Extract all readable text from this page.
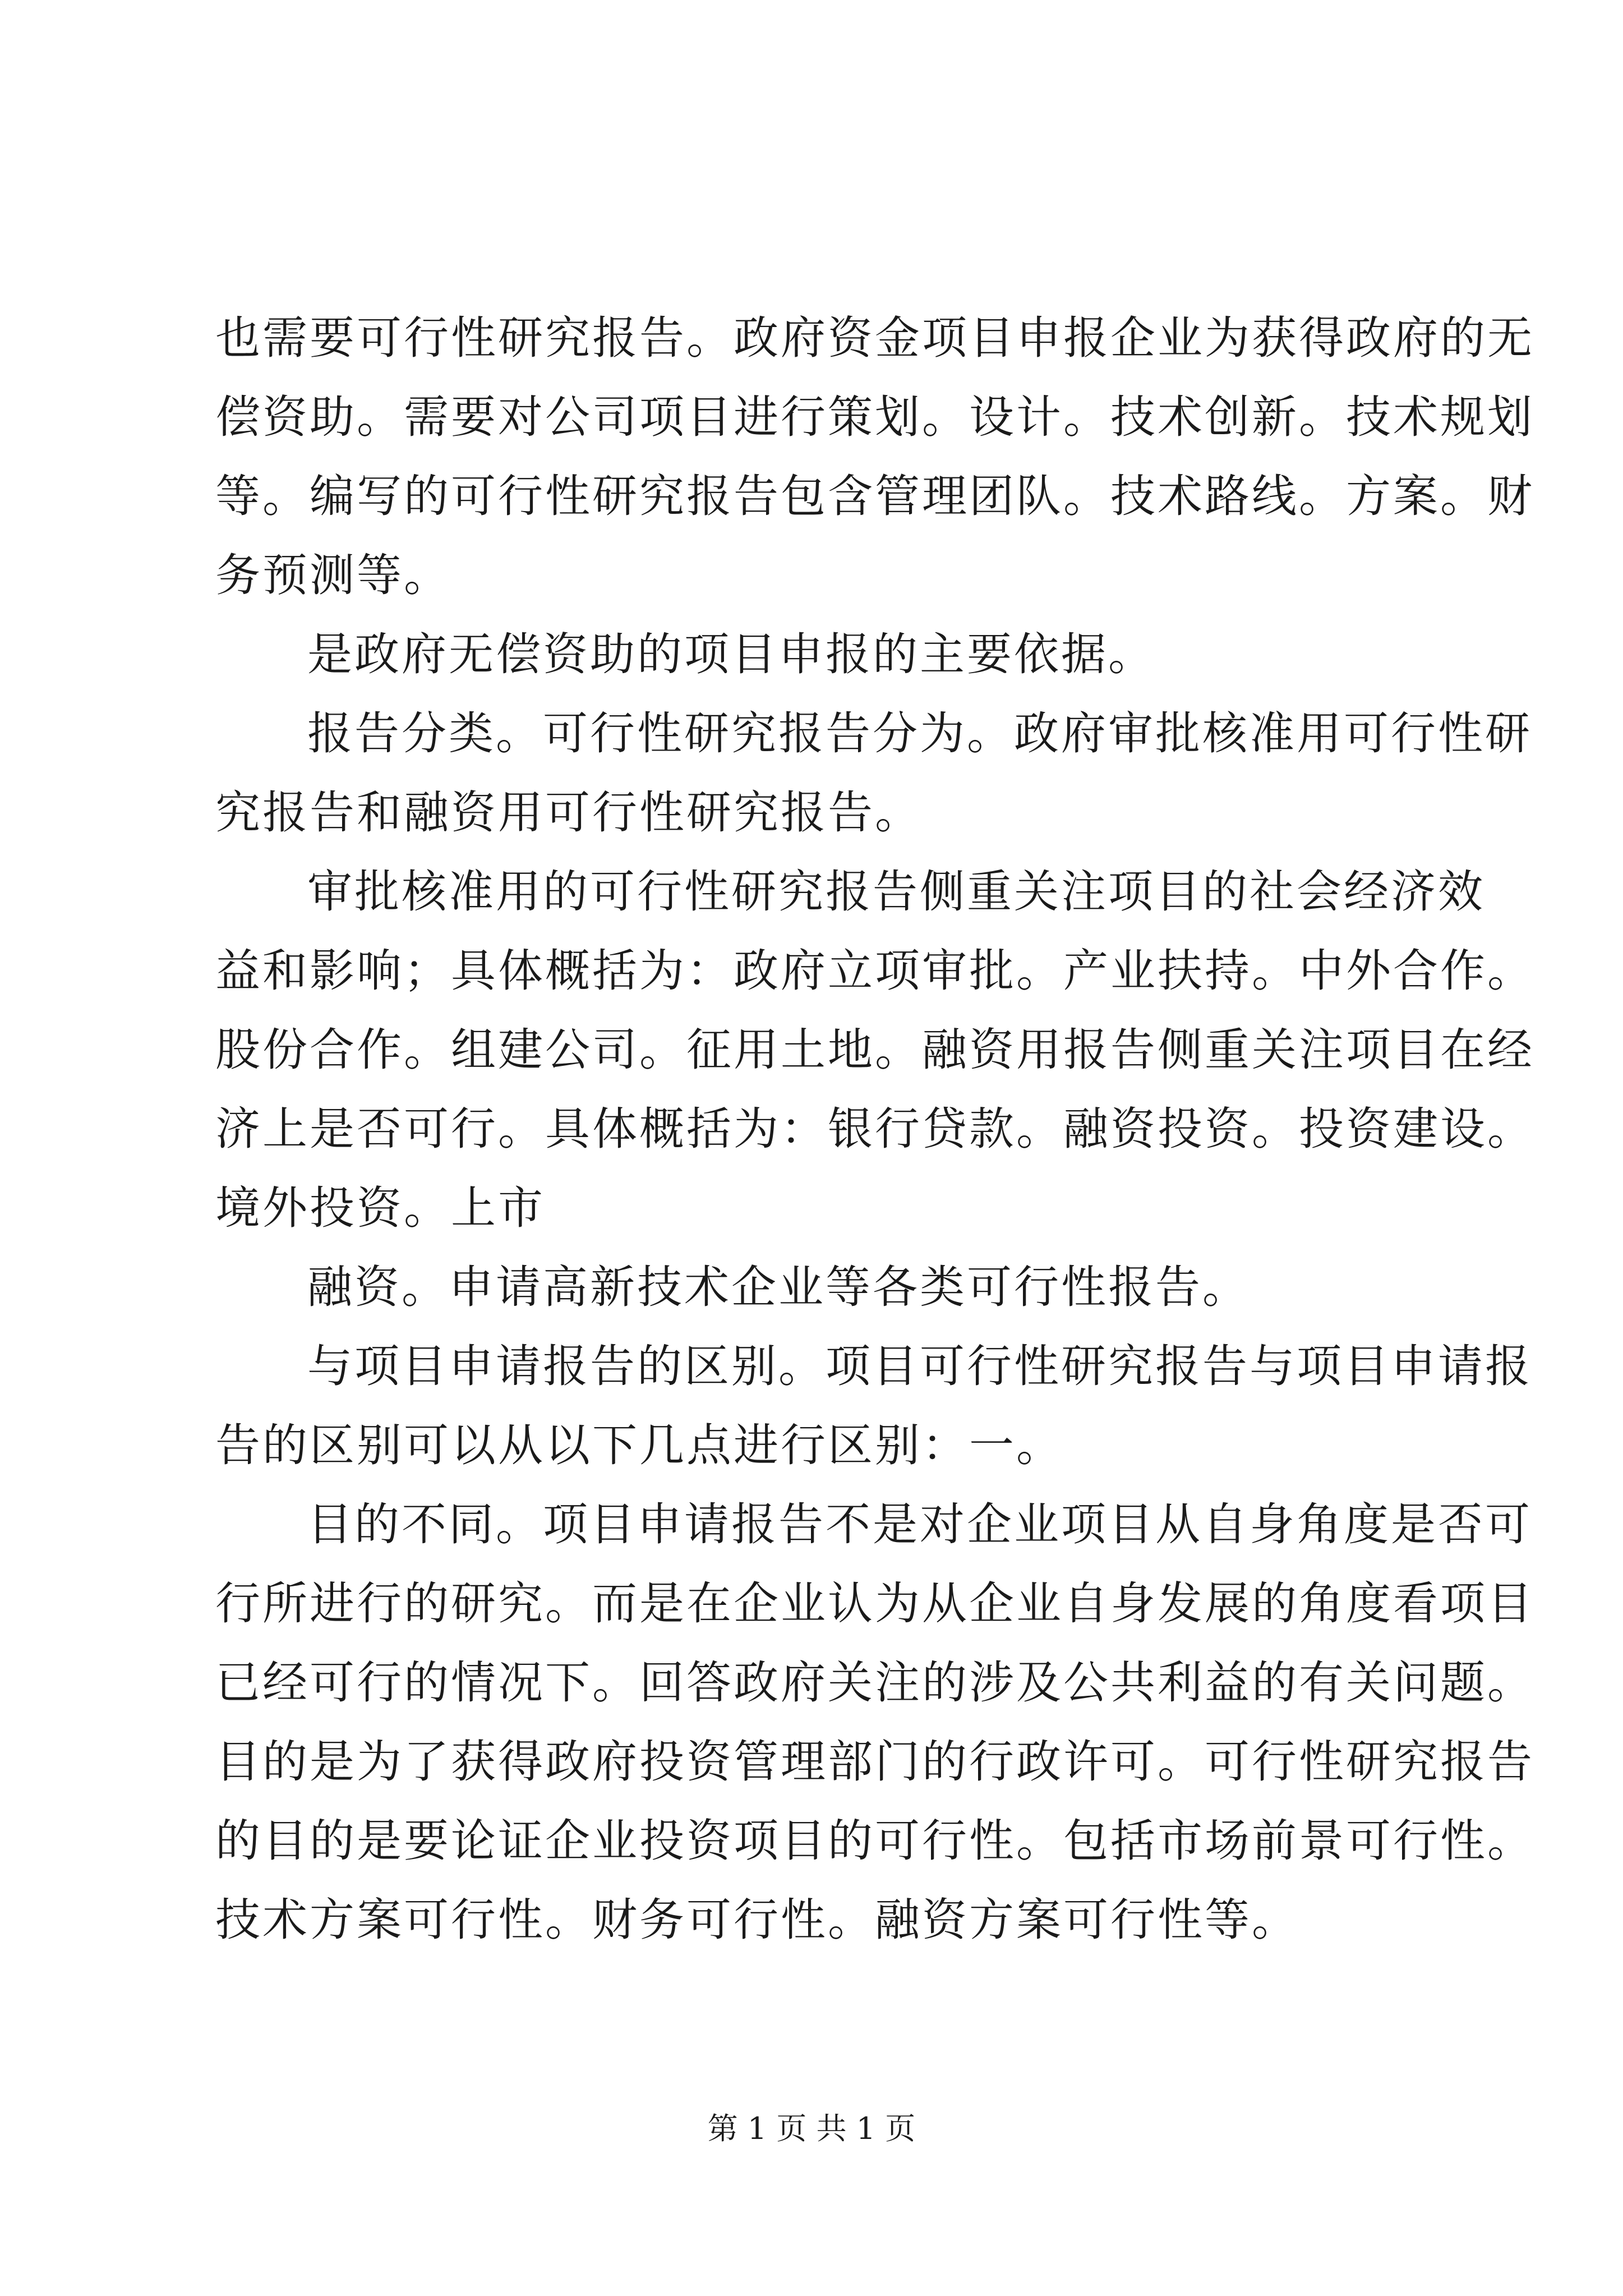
也需要可行性研究报告。政府资金项目申报企业为获得政府的无
偿资助。需要对公司项目进行策划。设计。技术创新。技术规划
等。编写的可行性研究报告包含管理团队。技术路线。方案。财
务预测等。
是政府无偿资助的项目申报的主要依据。
报告分类。可行性研究报告分为。政府审批核准用可行性研
究报告和融资用可行性研究报告。
审批核准用的可行性研究报告侧重关注项目的社会经济效
益和影响；具体概括为：政府立项审批。产业扶持。中外合作。
股份合作。组建公司。征用土地。融资用报告侧重关注项目在经
济上是否可行。具体概括为：银行贷款。融资投资。投资建设。
境外投资。上市
融资。申请高新技术企业等各类可行性报告。
与项目申请报告的区别。项目可行性研究报告与项目申请报
告的区别可以从以下几点进行区别：一。
目的不同。项目申请报告不是对企业项目从自身角度是否可
行所进行的研究。而是在企业认为从企业自身发展的角度看项目
已经可行的情况下。回答政府关注的涉及公共利益的有关问题。
目的是为了获得政府投资管理部门的行政许可。可行性研究报告
的目的是要论证企业投资项目的可行性。包括市场前景可行性。
技术方案可行性。财务可行性。融资方案可行性等。
第 1 页 共 1 页
